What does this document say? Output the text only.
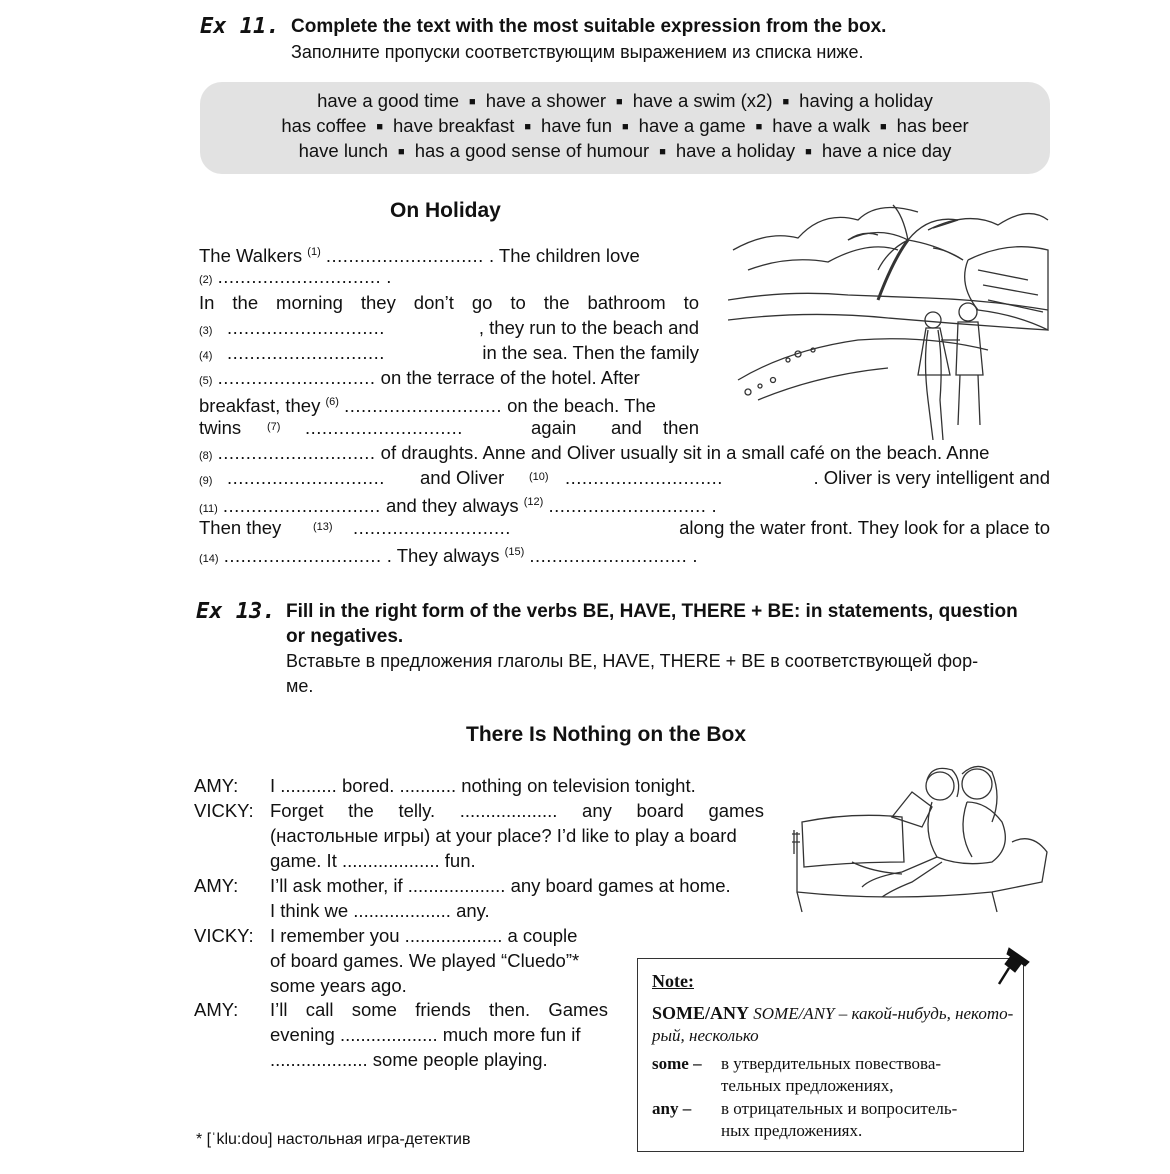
Ex 11. Complete the text with the most suitable expression from the box.
Заполните пропуски соответствующим выражением из списка ниже.
have a good time ■ have a shower ■ have a swim (x2) ■ having a holiday
has coffee ■ have breakfast ■ have fun ■ have a game ■ have a walk ■ has beer
have lunch ■ has a good sense of humour ■ have a holiday ■ have a nice day
On Holiday
The Walkers $^{(1)}$ ............................ . The children love
(2) ............................. .
In the morning they don’t go to the bathroom to
(3) ............................	, they run to the beach and
(4) ............................	in the sea. Then the family
(5) ............................ on the terrace of the hotel. After
breakfast, they $^{(6)}$ ............................ on the beach. The
twins (7) ............................	again and then
(8) ............................ of draughts. Anne and Oliver usually sit in a small café on the beach. Anne
(9) ............................ and Oliver (10) ............................	. Oliver is very intelligent and
(11) ............................ and they always $^{(12)}$ ............................ .
Then they	(13) ............................	along the water front. They look for a place to
(14) ............................ . They always $^{(15)}$ ............................ .
Ex 13. Fill in the right form of the verbs BE, HAVE, THERE + BE: in statements, question
or negatives.
Вставьте в предложения глаголы BE, HAVE, THERE + BE в соответствующей фор-
ме.
There Is Nothing on the Box
AMY: I ........... bored. ........... nothing on television tonight.
VICKY: Forget the telly. ................... any board games
(настольные игры) at your place? I’d like to play a board
game. It ................... fun.
AMY: I’ll ask mother, if ................... any board games at home.
I think we ................... any.
VICKY: I remember you ................... a couple
of board games. We played “Cluedo”*
some years ago.
AMY: I’ll call some friends then. Games
evening ................... much more fun if
................... some people playing.
* [ˈklu:dou] настольная игра-детектив
Note:
SOME/ANY SOME/ANY – какой-нибудь, некото-
рый, несколько
some – в утвердительных повествова-
тельных предложениях,
any – в отрицательных и вопроситель-
ных предложениях.
